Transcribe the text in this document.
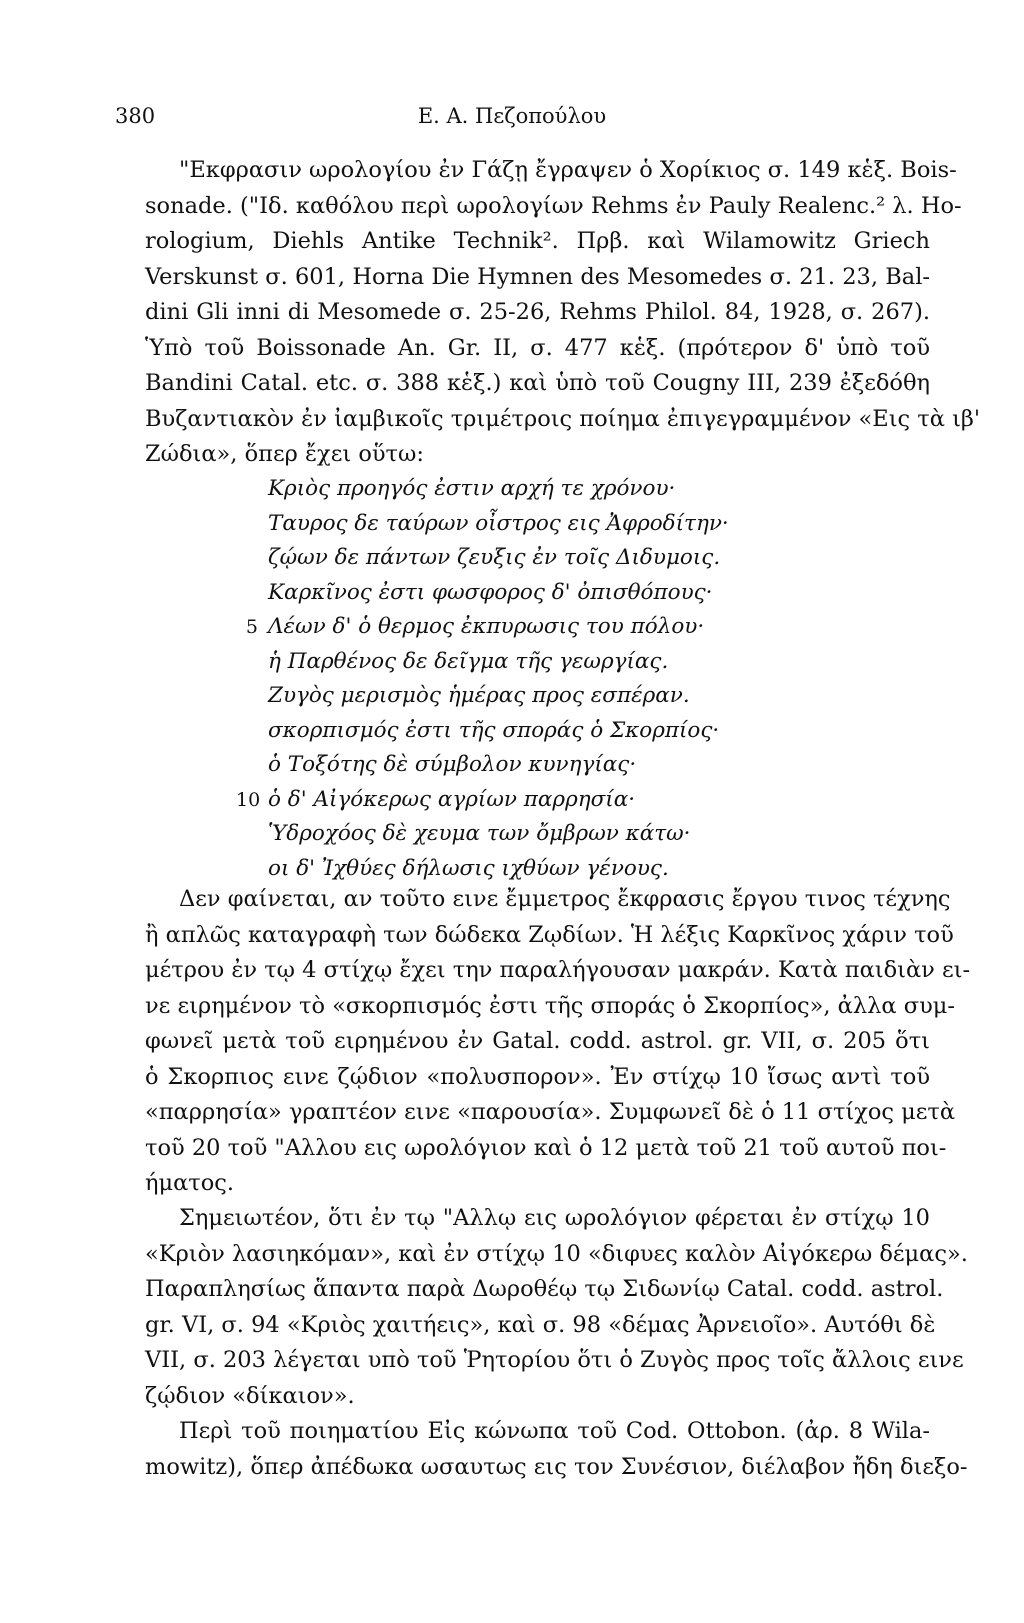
380	Ε. Α. Πεζοπούλου
"Εκφρασιν ωρολογίου ἐν Γάζῃ ἔγραψεν ὁ Χορίκιος σ. 149 κἑξ. Bois-
sonade. ("Ιδ. καθόλου περὶ ωρολογίων Rehms ἐν Pauly Realenc.² λ. Ho-
rologium, Diehls Antike Technik². Πρβ. καὶ Wilamowitz Griech
Verskunst σ. 601, Horna Die Hymnen des Mesomedes σ. 21. 23, Bal-
dini Gli inni di Mesomede σ. 25-26, Rehms Philol. 84, 1928, σ. 267).
Ὑπὸ τοῦ Boissonade An. Gr. II, σ. 477 κἑξ. (πρότερον δ' ὑπὸ τοῦ
Bandini Catal. etc. σ. 388 κἑξ.) καὶ ὑπὸ τοῦ Cougny III, 239 ἐξεδόθη
Βυζαντιακὸν ἐν ἰαμβικοῖς τριμέτροις ποίημα ἐπιγεγραμμένον «Εις τὰ ιβ'
Ζώδια», ὅπερ ἔχει οὕτω:
Κριὸς προηγός ἐστιν αρχή τε χρόνου·
Ταυρος δε ταύρων οἶστρος εις Ἀφροδίτην·
ζῴων δε πάντων ζευξις ἐν τοῖς Διδυμοις.
Καρκῖνος ἐστι φωσφορος δ' ὀπισθόπους·
5 Λέων δ' ὁ θερμος ἐκπυρωσις του πόλου·
ἡ Παρθένος δε δεῖγμα τῆς γεωργίας.
Ζυγὸς μερισμὸς ἡμέρας προς εσπέραν.
σκορπισμός ἐστι τῆς σποράς ὁ Σκορπίος·
ὁ Τοξότης δὲ σύμβολον κυνηγίας·
10 ὁ δ' Αἰγόκερως αγρίων παρρησία·
Ὑδροχόος δὲ χευμα των ὄμβρων κάτω·
οι δ' Ἰχθύες δήλωσις ιχθύων γένους.
Δεν φαίνεται, αν τοῦτο εινε ἔμμετρος ἔκφρασις ἔργου τινος τέχνης
ἢ απλῶς καταγραφὴ των δώδεκα Ζῳδίων. Ἡ λέξις Καρκῖνος χάριν τοῦ
μέτρου ἐν τῳ 4 στίχῳ ἔχει την παραλήγουσαν μακράν. Κατὰ παιδιὰν ει-
νε ειρημένον τὸ «σκορπισμός ἐστι τῆς σποράς ὁ Σκορπίος», ἀλλα συμ-
φωνεῖ μετὰ τοῦ ειρημένου ἐν Gatal. codd. astrol. gr. VII, σ. 205 ὅτι
ὁ Σκορπιος εινε ζῴδιον «πολυσπορον». Ἐν στίχῳ 10 ἴσως αντὶ τοῦ
«παρρησία» γραπτέον εινε «παρουσία». Συμφωνεῖ δὲ ὁ 11 στίχος μετὰ
τοῦ 20 τοῦ "Αλλου εις ωρολόγιον καὶ ὁ 12 μετὰ τοῦ 21 τοῦ αυτοῦ ποι-
ήματος.
Σημειωτέον, ὅτι ἐν τῳ "Αλλῳ εις ωρολόγιον φέρεται ἐν στίχῳ 10
«Κριὸν λασιηκόμαν», καὶ ἐν στίχῳ 10 «διφυες καλὸν Αἰγόκερω δέμας».
Παραπλησίως ἅπαντα παρὰ Δωροθέῳ τῳ Σιδωνίῳ Catal. codd. astrol.
gr. VI, σ. 94 «Κριὸς χαιτήεις», καὶ σ. 98 «δέμας Ἀρνειοῖο». Αυτόθι δὲ
VII, σ. 203 λέγεται υπὸ τοῦ Ῥητορίου ὅτι ὁ Ζυγὸς προς τοῖς ἄλλοις εινε
ζῴδιον «δίκαιον».
Περὶ τοῦ ποιηματίου Εἰς κώνωπα τοῦ Cod. Ottobon. (ἀρ. 8 Wila-
mowitz), ὅπερ ἀπέδωκα ωσαυτως εις τον Συνέσιον, διέλαβον ἤδη διεξο-
